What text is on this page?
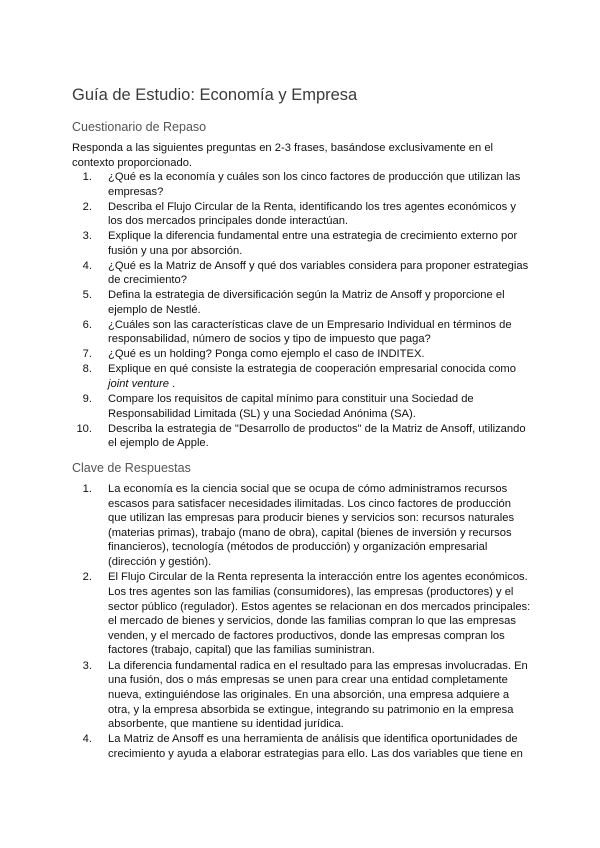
Guía de Estudio: Economía y Empresa
Cuestionario de Repaso

Responda a las siguientes preguntas en 2-3 frases, basándose exclusivamente en el contexto proporcionado.

1. ¿Qué es la economía y cuáles son los cinco factores de producción que utilizan las empresas?
2. Describa el Flujo Circular de la Renta, identificando los tres agentes económicos y los dos mercados principales donde interactúan.
3. Explique la diferencia fundamental entre una estrategia de crecimiento externo por fusión y una por absorción.
4. ¿Qué es la Matriz de Ansoff y qué dos variables considera para proponer estrategias de crecimiento?
5. Defina la estrategia de diversificación según la Matriz de Ansoff y proporcione el ejemplo de Nestlé.
6. ¿Cuáles son las características clave de un Empresario Individual en términos de responsabilidad, número de socios y tipo de impuesto que paga?
7. ¿Qué es un holding? Ponga como ejemplo el caso de INDITEX.
8. Explique en qué consiste la estrategia de cooperación empresarial conocida como joint venture .
9. Compare los requisitos de capital mínimo para constituir una Sociedad de Responsabilidad Limitada (SL) y una Sociedad Anónima (SA).
10. Describa la estrategia de "Desarrollo de productos" de la Matriz de Ansoff, utilizando el ejemplo de Apple.
Clave de Respuestas
1. La economía es la ciencia social que se ocupa de cómo administramos recursos escasos para satisfacer necesidades ilimitadas. Los cinco factores de producción que utilizan las empresas para producir bienes y servicios son: recursos naturales (materias primas), trabajo (mano de obra), capital (bienes de inversión y recursos financieros), tecnología (métodos de producción) y organización empresarial (dirección y gestión).
2. El Flujo Circular de la Renta representa la interacción entre los agentes económicos. Los tres agentes son las familias (consumidores), las empresas (productores) y el sector público (regulador). Estos agentes se relacionan en dos mercados principales: el mercado de bienes y servicios, donde las familias compran lo que las empresas venden, y el mercado de factores productivos, donde las empresas compran los factores (trabajo, capital) que las familias suministran.
3. La diferencia fundamental radica en el resultado para las empresas involucradas. En una fusión, dos o más empresas se unen para crear una entidad completamente nueva, extinguiéndose las originales. En una absorción, una empresa adquiere a otra, y la empresa absorbida se extingue, integrando su patrimonio en la empresa absorbente, que mantiene su identidad jurídica.
4. La Matriz de Ansoff es una herramienta de análisis que identifica oportunidades de crecimiento y ayuda a elaborar estrategias para ello. Las dos variables que tiene en
